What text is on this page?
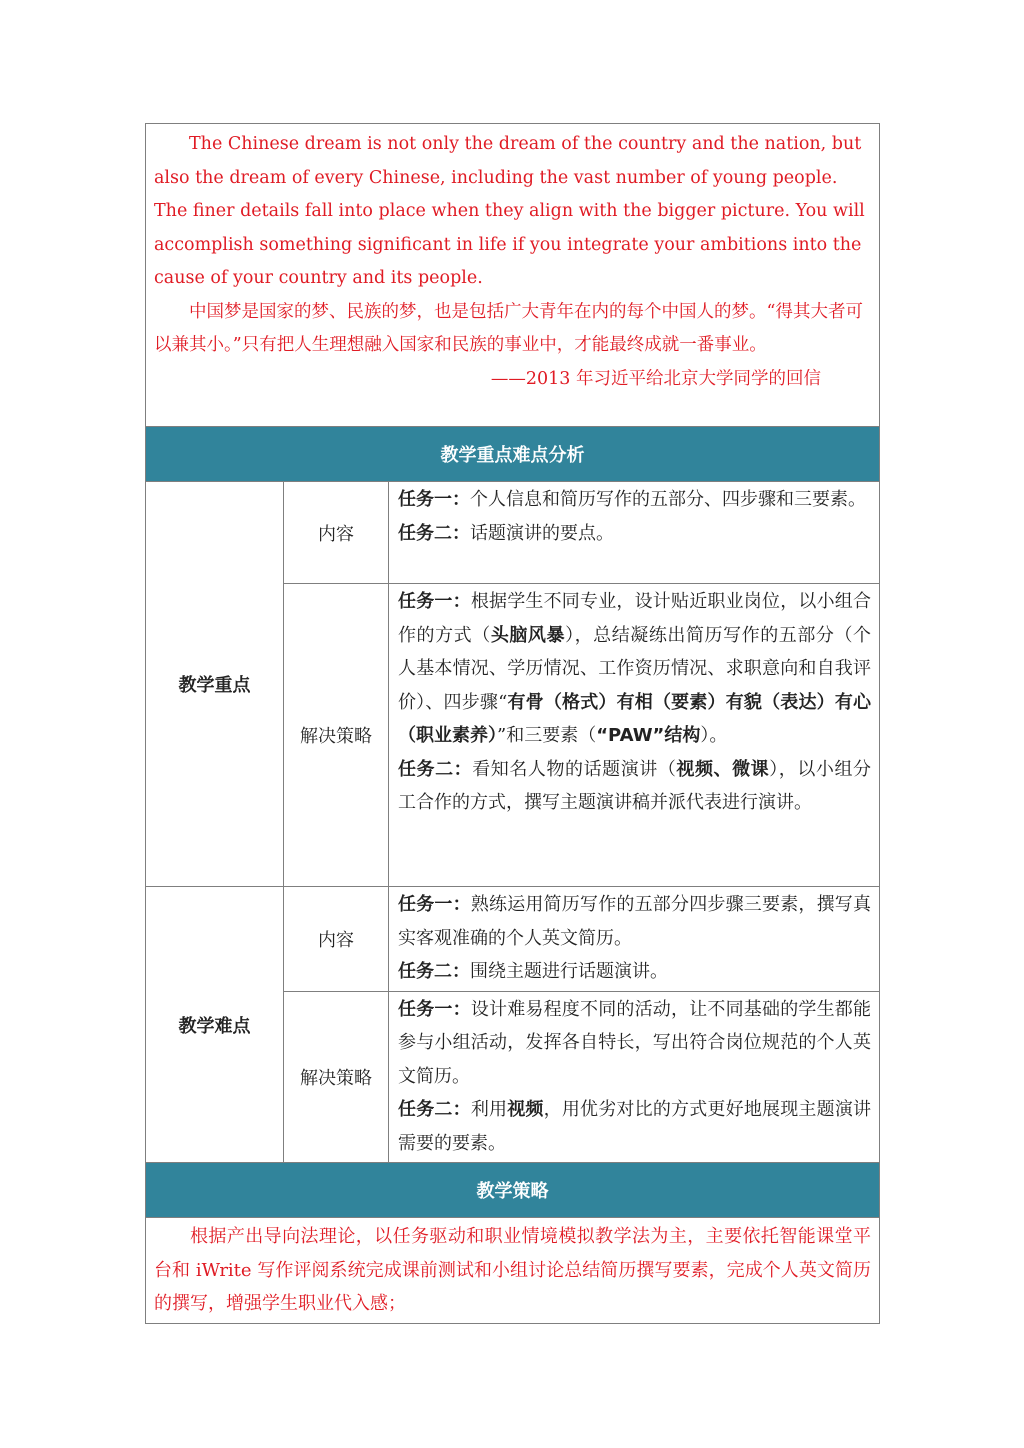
The Chinese dream is not only the dream of the country and the nation, but also the dream of every Chinese, including the vast number of young people. The finer details fall into place when they align with the bigger picture. You will accomplish something significant in life if you integrate your ambitions into the cause of your country and its people.

中国梦是国家的梦、民族的梦，也是包括广大青年在内的每个中国人的梦。“得其大者可以兼其小。”只有把人生理想融入国家和民族的事业中，才能最终成就一番事业。

——2013 年习近平给北京大学同学的回信		

教学重点难点分析		
教学重点	内容	任务一：个人信息和简历写作的五部分、四步骤和三要素。

任务二：话题演讲的要点。

	解决策略	任务一：根据学生不同专业，设计贴近职业岗位，以小组合作的方式（头脑风暴），总结凝练出简历写作的五部分（个人基本情况、学历情况、工作资历情况、求职意向和自我评价）、四步骤“有骨（格式）有相（要素）有貌（表达）有心（职业素养）”和三要素（“PAW”结构）。

任务二：看知名人物的话题演讲（视频、微课），以小组分工合作的方式，撰写主题演讲稿并派代表进行演讲。

教学难点	内容	任务一：熟练运用简历写作的五部分四步骤三要素，撰写真实客观准确的个人英文简历。

任务二：围绕主题进行话题演讲。

	解决策略	任务一：设计难易程度不同的活动，让不同基础的学生都能参与小组活动，发挥各自特长，写出符合岗位规范的个人英文简历。

任务二：利用视频，用优劣对比的方式更好地展现主题演讲需要的要素。

教学策略		

根据产出导向法理论，以任务驱动和职业情境模拟教学法为主，主要依托智能课堂平台和 iWrite 写作评阅系统完成课前测试和小组讨论总结简历撰写要素，完成个人英文简历的撰写，增强学生职业代入感；		
